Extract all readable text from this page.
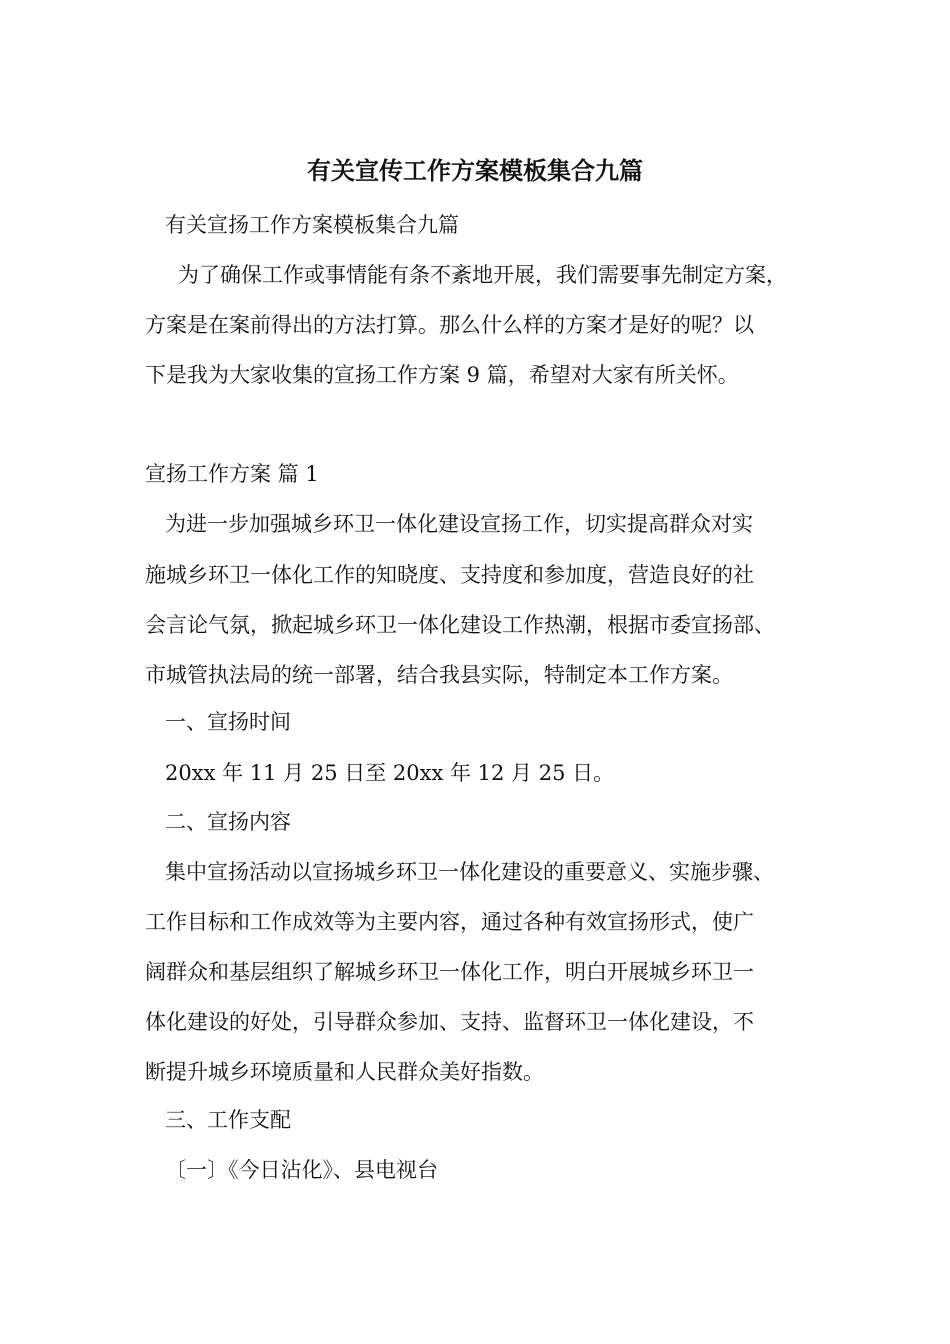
有关宣传工作方案模板集合九篇
有关宣扬工作方案模板集合九篇
为了确保工作或事情能有条不紊地开展，我们需要事先制定方案，
方案是在案前得出的方法打算。那么什么样的方案才是好的呢？以
下是我为大家收集的宣扬工作方案 9 篇，希望对大家有所关怀。
宣扬工作方案 篇 1
为进一步加强城乡环卫一体化建设宣扬工作，切实提高群众对实
施城乡环卫一体化工作的知晓度、支持度和参加度，营造良好的社
会言论气氛，掀起城乡环卫一体化建设工作热潮，根据市委宣扬部、
市城管执法局的统一部署，结合我县实际，特制定本工作方案。
一、宣扬时间
20xx 年 11 月 25 日至 20xx 年 12 月 25 日。
二、宣扬内容
集中宣扬活动以宣扬城乡环卫一体化建设的重要意义、实施步骤、
工作目标和工作成效等为主要内容，通过各种有效宣扬形式，使广
阔群众和基层组织了解城乡环卫一体化工作，明白开展城乡环卫一
体化建设的好处，引导群众参加、支持、监督环卫一体化建设，不
断提升城乡环境质量和人民群众美好指数。
三、工作支配
〔一〕《今日沾化》、县电视台
